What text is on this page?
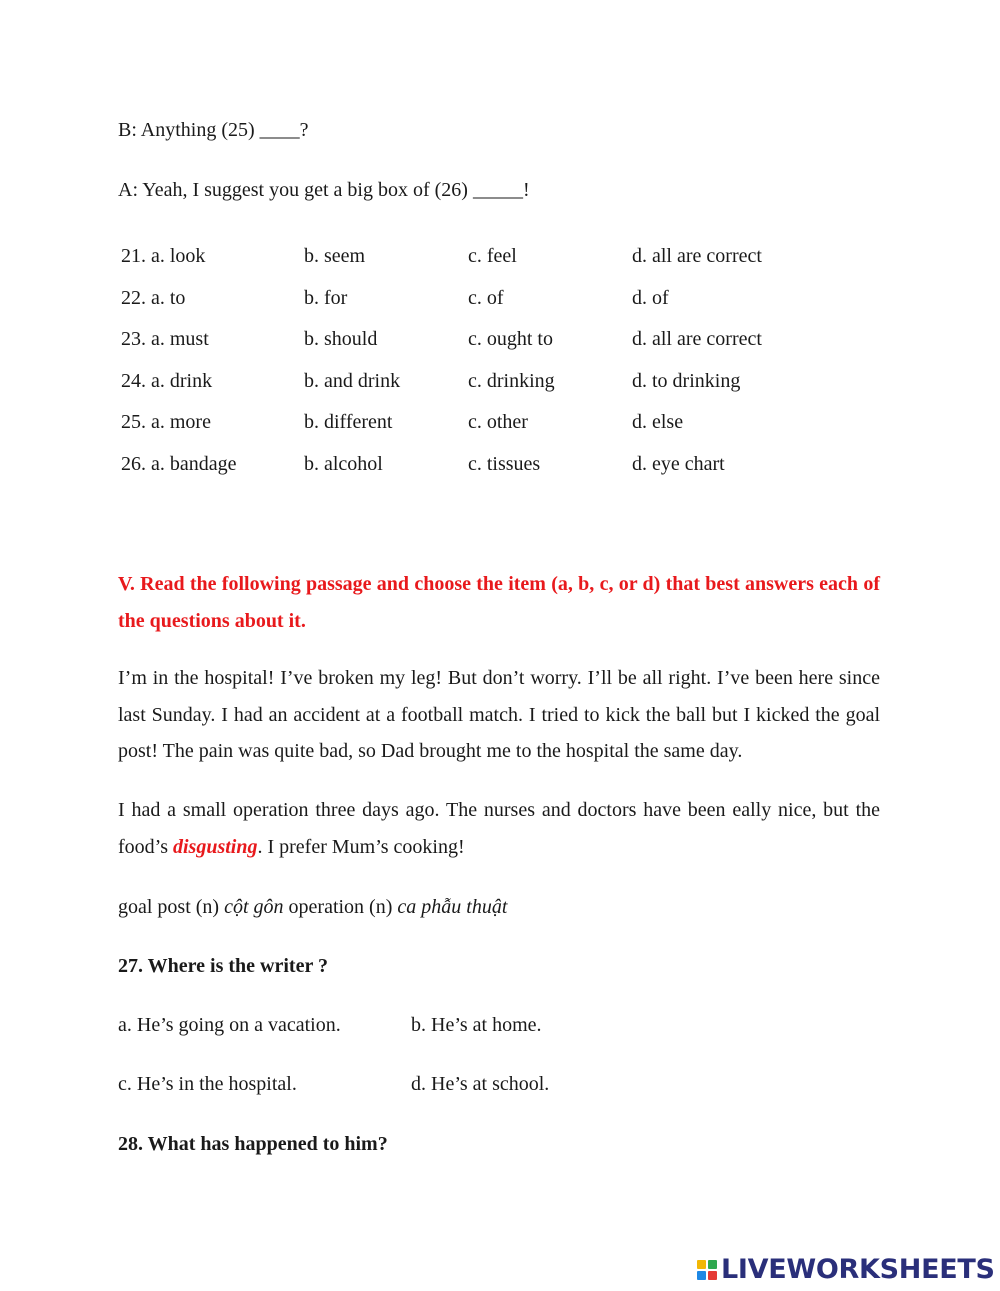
B: Anything (25) ____?
A: Yeah, I suggest you get a big box of (26) _____!
21. a. look	b. seem	c. feel	d. all are correct
22. a. to	b. for	c. of	d. of
23. a. must	b. should	c. ought to	d. all are correct
24. a. drink	b. and drink	c. drinking	d. to drinking
25. a. more	b. different	c. other	d. else
26. a. bandage	b. alcohol	c. tissues	d. eye chart
V. Read the following passage and choose the item (a, b, c, or d) that best answers each of the questions about it.
I’m in the hospital! I’ve broken my leg! But don’t worry. I’ll be all right. I’ve been here since last Sunday. I had an accident at a football match. I tried to kick the ball but I kicked the goal post! The pain was quite bad, so Dad brought me to the hospital the same day.
I had a small operation three days ago. The nurses and doctors have been eally nice, but the food’s disgusting. I prefer Mum’s cooking!
goal post (n) cột gôn operation (n) ca phẫu thuật
27. Where is the writer ?
a. He’s going on a vacation.	b. He’s at home.
c. He’s in the hospital.	d. He’s at school.
28. What has happened to him?
LIVEWORKSHEETS
